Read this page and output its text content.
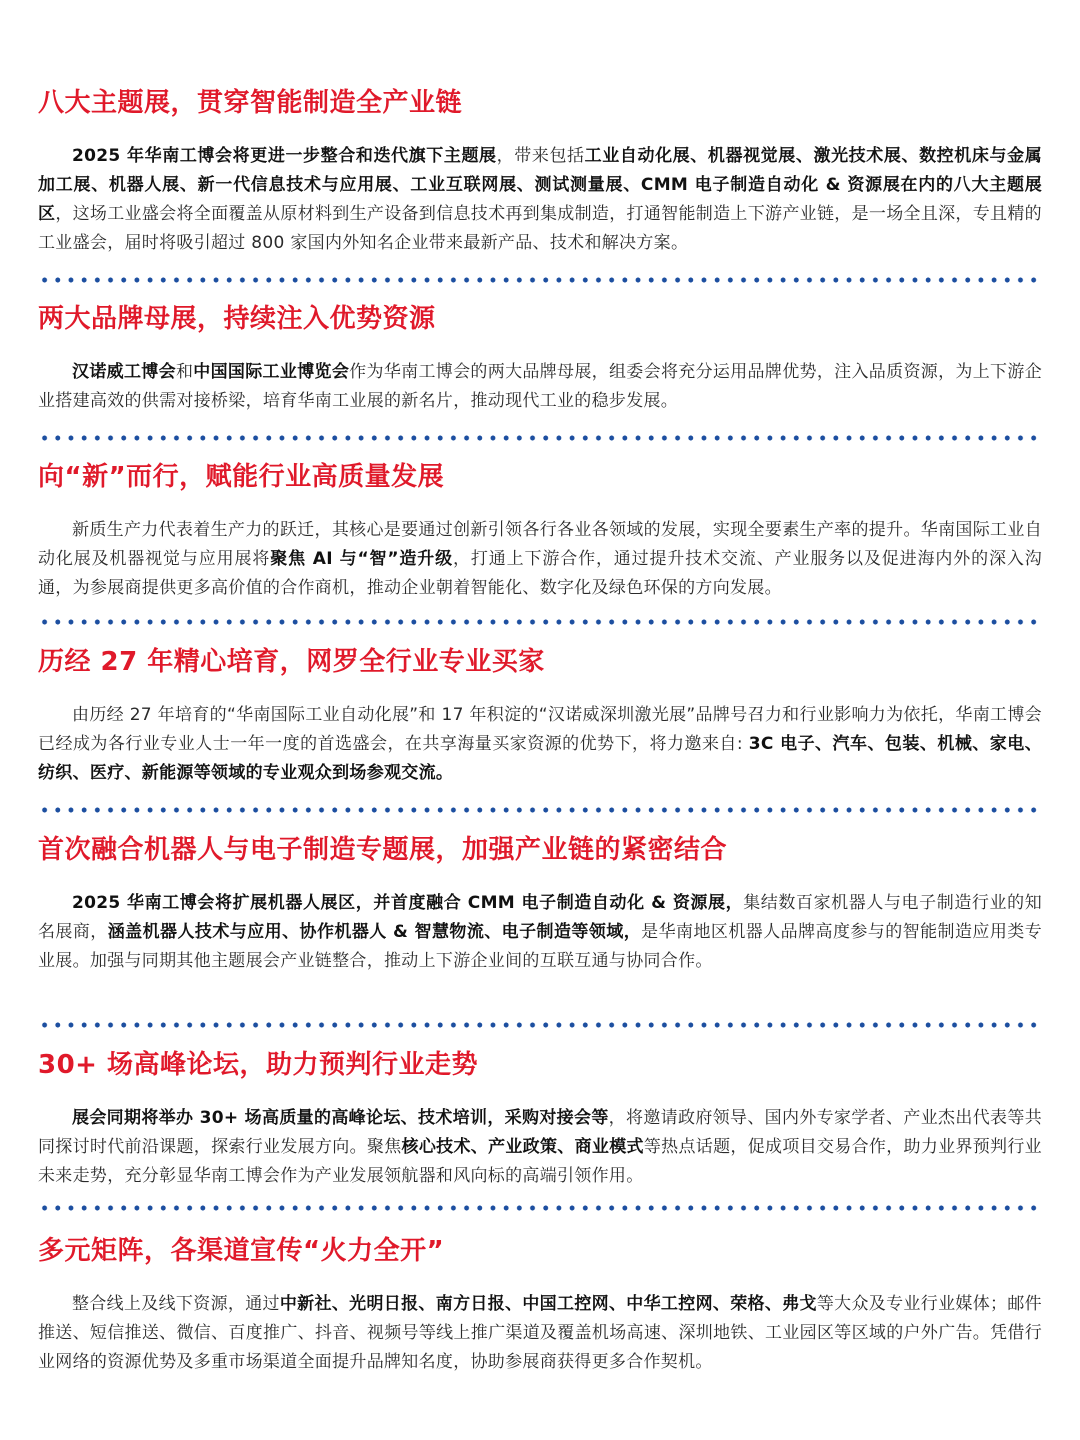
八大主题展，贯穿智能制造全产业链
2025 年华南工博会将更进一步整合和迭代旗下主题展，带来包括工业自动化展、机器视觉展、激光技术展、数控机床与金属加工展、机器人展、新一代信息技术与应用展、工业互联网展、测试测量展、CMM 电子制造自动化 & 资源展在内的八大主题展区，这场工业盛会将全面覆盖从原材料到生产设备到信息技术再到集成制造，打通智能制造上下游产业链，是一场全且深，专且精的工业盛会，届时将吸引超过 800 家国内外知名企业带来最新产品、技术和解决方案。
两大品牌母展，持续注入优势资源
汉诺威工博会和中国国际工业博览会作为华南工博会的两大品牌母展，组委会将充分运用品牌优势，注入品质资源，为上下游企业搭建高效的供需对接桥梁，培育华南工业展的新名片，推动现代工业的稳步发展。
向“新”而行，赋能行业高质量发展
新质生产力代表着生产力的跃迁，其核心是要通过创新引领各行各业各领域的发展，实现全要素生产率的提升。华南国际工业自动化展及机器视觉与应用展将聚焦 AI 与“智”造升级，打通上下游合作，通过提升技术交流、产业服务以及促进海内外的深入沟通，为参展商提供更多高价值的合作商机，推动企业朝着智能化、数字化及绿色环保的方向发展。
历经 27 年精心培育，网罗全行业专业买家
由历经 27 年培育的“华南国际工业自动化展”和 17 年积淀的“汉诺威深圳激光展”品牌号召力和行业影响力为依托，华南工博会已经成为各行业专业人士一年一度的首选盛会，在共享海量买家资源的优势下，将力邀来自: 3C 电子、汽车、包装、机械、家电、纺织、医疗、新能源等领域的专业观众到场参观交流。
首次融合机器人与电子制造专题展，加强产业链的紧密结合
2025 华南工博会将扩展机器人展区，并首度融合 CMM 电子制造自动化 & 资源展，集结数百家机器人与电子制造行业的知名展商，涵盖机器人技术与应用、协作机器人 & 智慧物流、电子制造等领域，是华南地区机器人品牌高度参与的智能制造应用类专业展。加强与同期其他主题展会产业链整合，推动上下游企业间的互联互通与协同合作。
30+ 场高峰论坛，助力预判行业走势
展会同期将举办 30+ 场高质量的高峰论坛、技术培训，采购对接会等，将邀请政府领导、国内外专家学者、产业杰出代表等共同探讨时代前沿课题，探索行业发展方向。聚焦核心技术、产业政策、商业模式等热点话题，促成项目交易合作，助力业界预判行业未来走势，充分彰显华南工博会作为产业发展领航器和风向标的高端引领作用。
多元矩阵，各渠道宣传“火力全开”
整合线上及线下资源，通过中新社、光明日报、南方日报、中国工控网、中华工控网、荣格、弗戈等大众及专业行业媒体；邮件推送、短信推送、微信、百度推广、抖音、视频号等线上推广渠道及覆盖机场高速、深圳地铁、工业园区等区域的户外广告。凭借行业网络的资源优势及多重市场渠道全面提升品牌知名度，协助参展商获得更多合作契机。
